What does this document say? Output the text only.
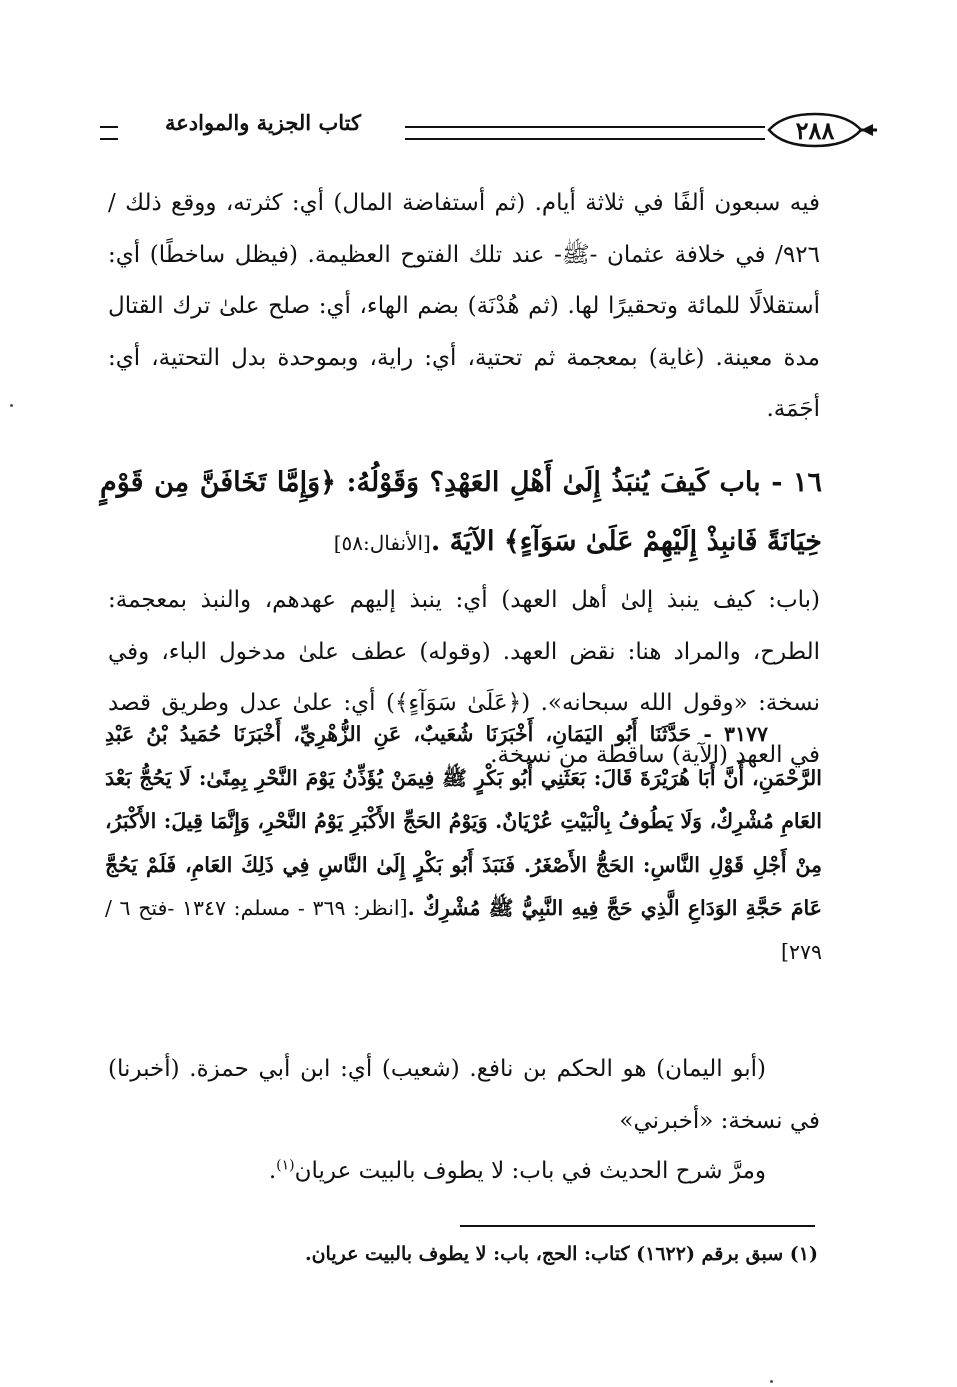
كتاب الجزية والموادعة	٢٨٨
فيه سبعون ألفًا في ثلاثة أيام. (ثم أستفاضة المال) أي: كثرته، ووقع ذلك /٩٢٦/ في خلافة عثمان -ﷺ- عند تلك الفتوح العظيمة. (فيظل ساخطًا) أي: أستقلالًا للمائة وتحقيرًا لها. (ثم هُدْنَة) بضم الهاء، أي: صلح علىٰ ترك القتال مدة معينة. (غاية) بمعجمة ثم تحتية، أي: راية، وبموحدة بدل التحتية، أي: أجَمَة.
١٦ - باب كَيفَ يُنبَذُ إِلَىٰ أَهْلِ العَهْدِ؟ وَقَوْلُهُ: ﴿وَإِمَّا تَخَافَنَّ مِن قَوْمٍ خِيَانَةً فَانبِذْ إِلَيْهِمْ عَلَىٰ سَوَآءٍ﴾ الآيَةَ .[الأنفال:٥٨]
(باب: كيف ينبذ إلىٰ أهل العهد) أي: ينبذ إليهم عهدهم، والنبذ بمعجمة: الطرح، والمراد هنا: نقض العهد. (وقوله) عطف علىٰ مدخول الباء، وفي نسخة: «وقول الله سبحانه». (﴿عَلَىٰ سَوَآءٍ﴾) أي: علىٰ عدل وطريق قصد في العهد (الآية) ساقطة من نسخة.
٣١٧٧ - حَدَّثَنَا أَبُو اليَمَانِ، أَخْبَرَنَا شُعَيبٌ، عَنِ الزُّهْرِيِّ، أَخْبَرَنَا حُمَيدُ بْنُ عَبْدِ الرَّحْمَنِ، أَنَّ أَبَا هُرَيْرَةَ قَالَ: بَعَثَنِي أَبُو بَكْرٍ ﷺ فِيمَنْ يُؤَذِّنُ يَوْمَ النَّحْرِ بِمِنًىٰ: لَا يَحُجُّ بَعْدَ العَامِ مُشْرِكٌ، وَلَا يَطُوفُ بِالْبَيْتِ عُرْيَانٌ. وَيَوْمُ الحَجِّ الأَكْبَرِ يَوْمُ النَّحْرِ، وَإِنَّمَا قِيلَ: الأَكْبَرُ، مِنْ أَجْلِ قَوْلِ النَّاسِ: الحَجُّ الأَصْغَرُ. فَنَبَذَ أَبُو بَكْرٍ إِلَىٰ النَّاسِ فِي ذَلِكَ العَامِ، فَلَمْ يَحُجَّ عَامَ حَجَّةِ الوَدَاعِ الَّذِي حَجَّ فِيهِ النَّبِيُّ ﷺ مُشْرِكٌ .[انظر: ٣٦٩ - مسلم: ١٣٤٧ -فتح ٦ /٢٧٩]
(أبو اليمان) هو الحكم بن نافع. (شعيب) أي: ابن أبي حمزة. (أخبرنا) في نسخة: «أخبرني»
ومرَّ شرح الحديث في باب: لا يطوف بالبيت عريان$^{(١)}$.
(١) سبق برقم (١٦٢٢) كتاب: الحج، باب: لا يطوف بالبيت عريان.
